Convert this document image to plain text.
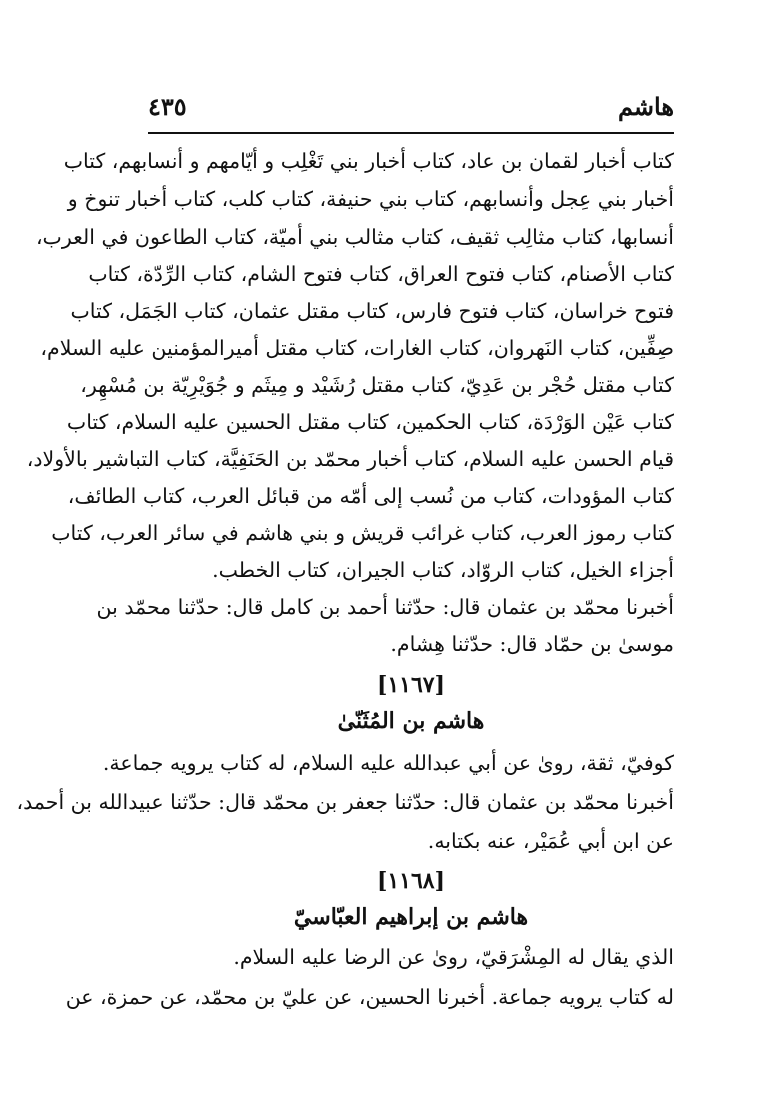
هاشم
٤٣٥
كتاب أخبار لقمان بن عاد، كتاب أخبار بني تَغْلِب و أيّامهم و أنسابهم، كتاب
أخبار بني عِجل وأنسابهم، كتاب بني حنيفة، كتاب كلب، كتاب أخبار تنوخ و
أنسابها، كتاب مثالِب ثقيف، كتاب مثالب بني أميّة، كتاب الطاعون في العرب،
كتاب الأصنام، كتاب فتوح العراق، كتاب فتوح الشام، كتاب الرِّدّة، كتاب
فتوح خراسان، كتاب فتوح فارس، كتاب مقتل عثمان، كتاب الجَمَل، كتاب
صِفِّين، كتاب النَهروان، كتاب الغارات، كتاب مقتل أميرالمؤمنين عليه السلام،
كتاب مقتل حُجْر بن عَدِيّ، كتاب مقتل رُشَيْد و مِيثَم و جُوَيْرِيّة بن مُسْهِر،
كتاب عَيْن الوَرْدَة، كتاب الحكمين، كتاب مقتل الحسين عليه السلام، كتاب
قيام الحسن عليه السلام، كتاب أخبار محمّد بن الحَنَفِيَّة، كتاب التباشير بالأولاد،
كتاب المؤودات، كتاب من نُسب إلى أمّه من قبائل العرب، كتاب الطائف،
كتاب رموز العرب، كتاب غرائب قريش و بني هاشم في سائر العرب، كتاب
أجزاء الخيل، كتاب الروّاد، كتاب الجيران، كتاب الخطب.
أخبرنا محمّد بن عثمان قال: حدّثنا أحمد بن كامل قال: حدّثنا محمّد بن
موسىٰ بن حمّاد قال: حدّثنا هِشام.
[١١٦٧]
هاشم بن المُثَنّىٰ
كوفيّ، ثقة، روىٰ عن أبي عبدالله عليه السلام، له كتاب يرويه جماعة.
أخبرنا محمّد بن عثمان قال: حدّثنا جعفر بن محمّد قال: حدّثنا عبيدالله بن أحمد،
عن ابن أبي عُمَيْر، عنه بكتابه.
[١١٦٨]
هاشم بن إبراهيم العبّاسيّ
الذي يقال له المِشْرَقيّ، روىٰ عن الرضا عليه السلام.
له كتاب يرويه جماعة. أخبرنا الحسين، عن عليّ بن محمّد، عن حمزة، عن
